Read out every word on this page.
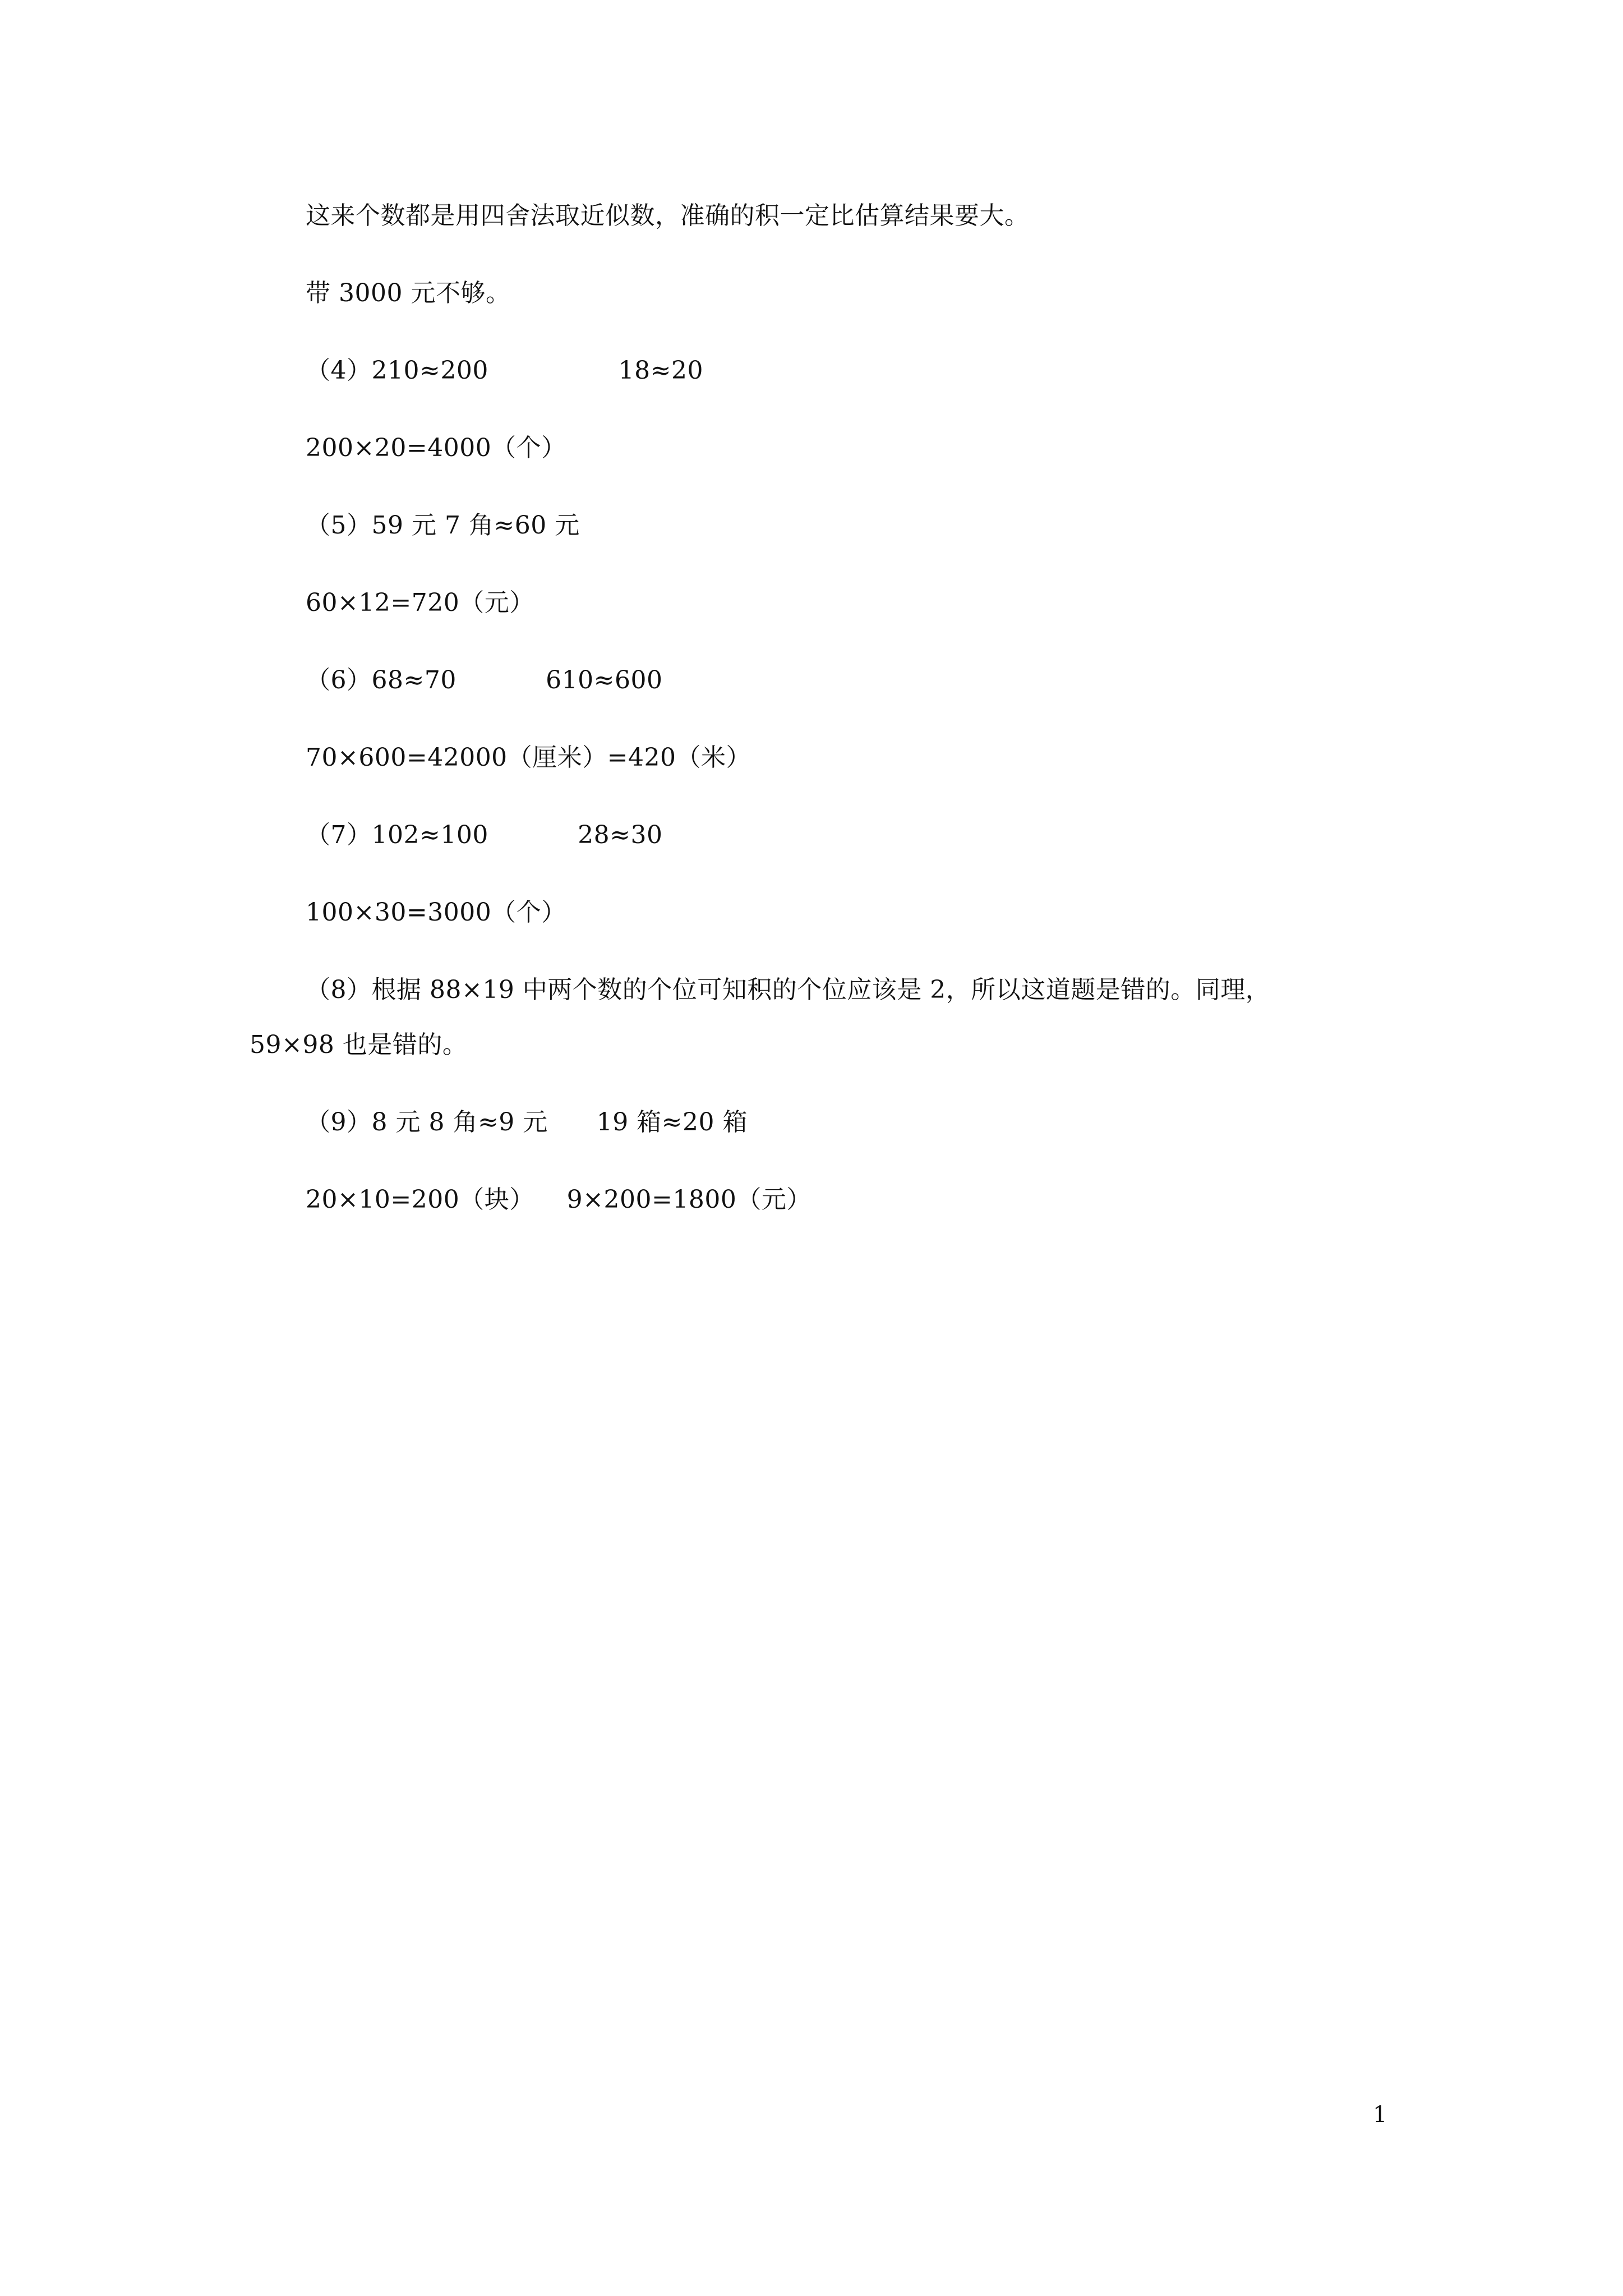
这来个数都是用四舍法取近似数，准确的积一定比估算结果要大。
带 3000 元不够。
（4）210≈200                18≈20
200×20=4000（个）
（5）59 元 7 角≈60 元
60×12=720（元）
（6）68≈70           610≈600
70×600=42000（厘米）=420（米）
（7）102≈100           28≈30
100×30=3000（个）
（8）根据 88×19 中两个数的个位可知积的个位应该是 2，所以这道题是错的。同理，
59×98 也是错的。
（9）8 元 8 角≈9 元      19 箱≈20 箱
20×10=200（块）    9×200=1800（元）
1
